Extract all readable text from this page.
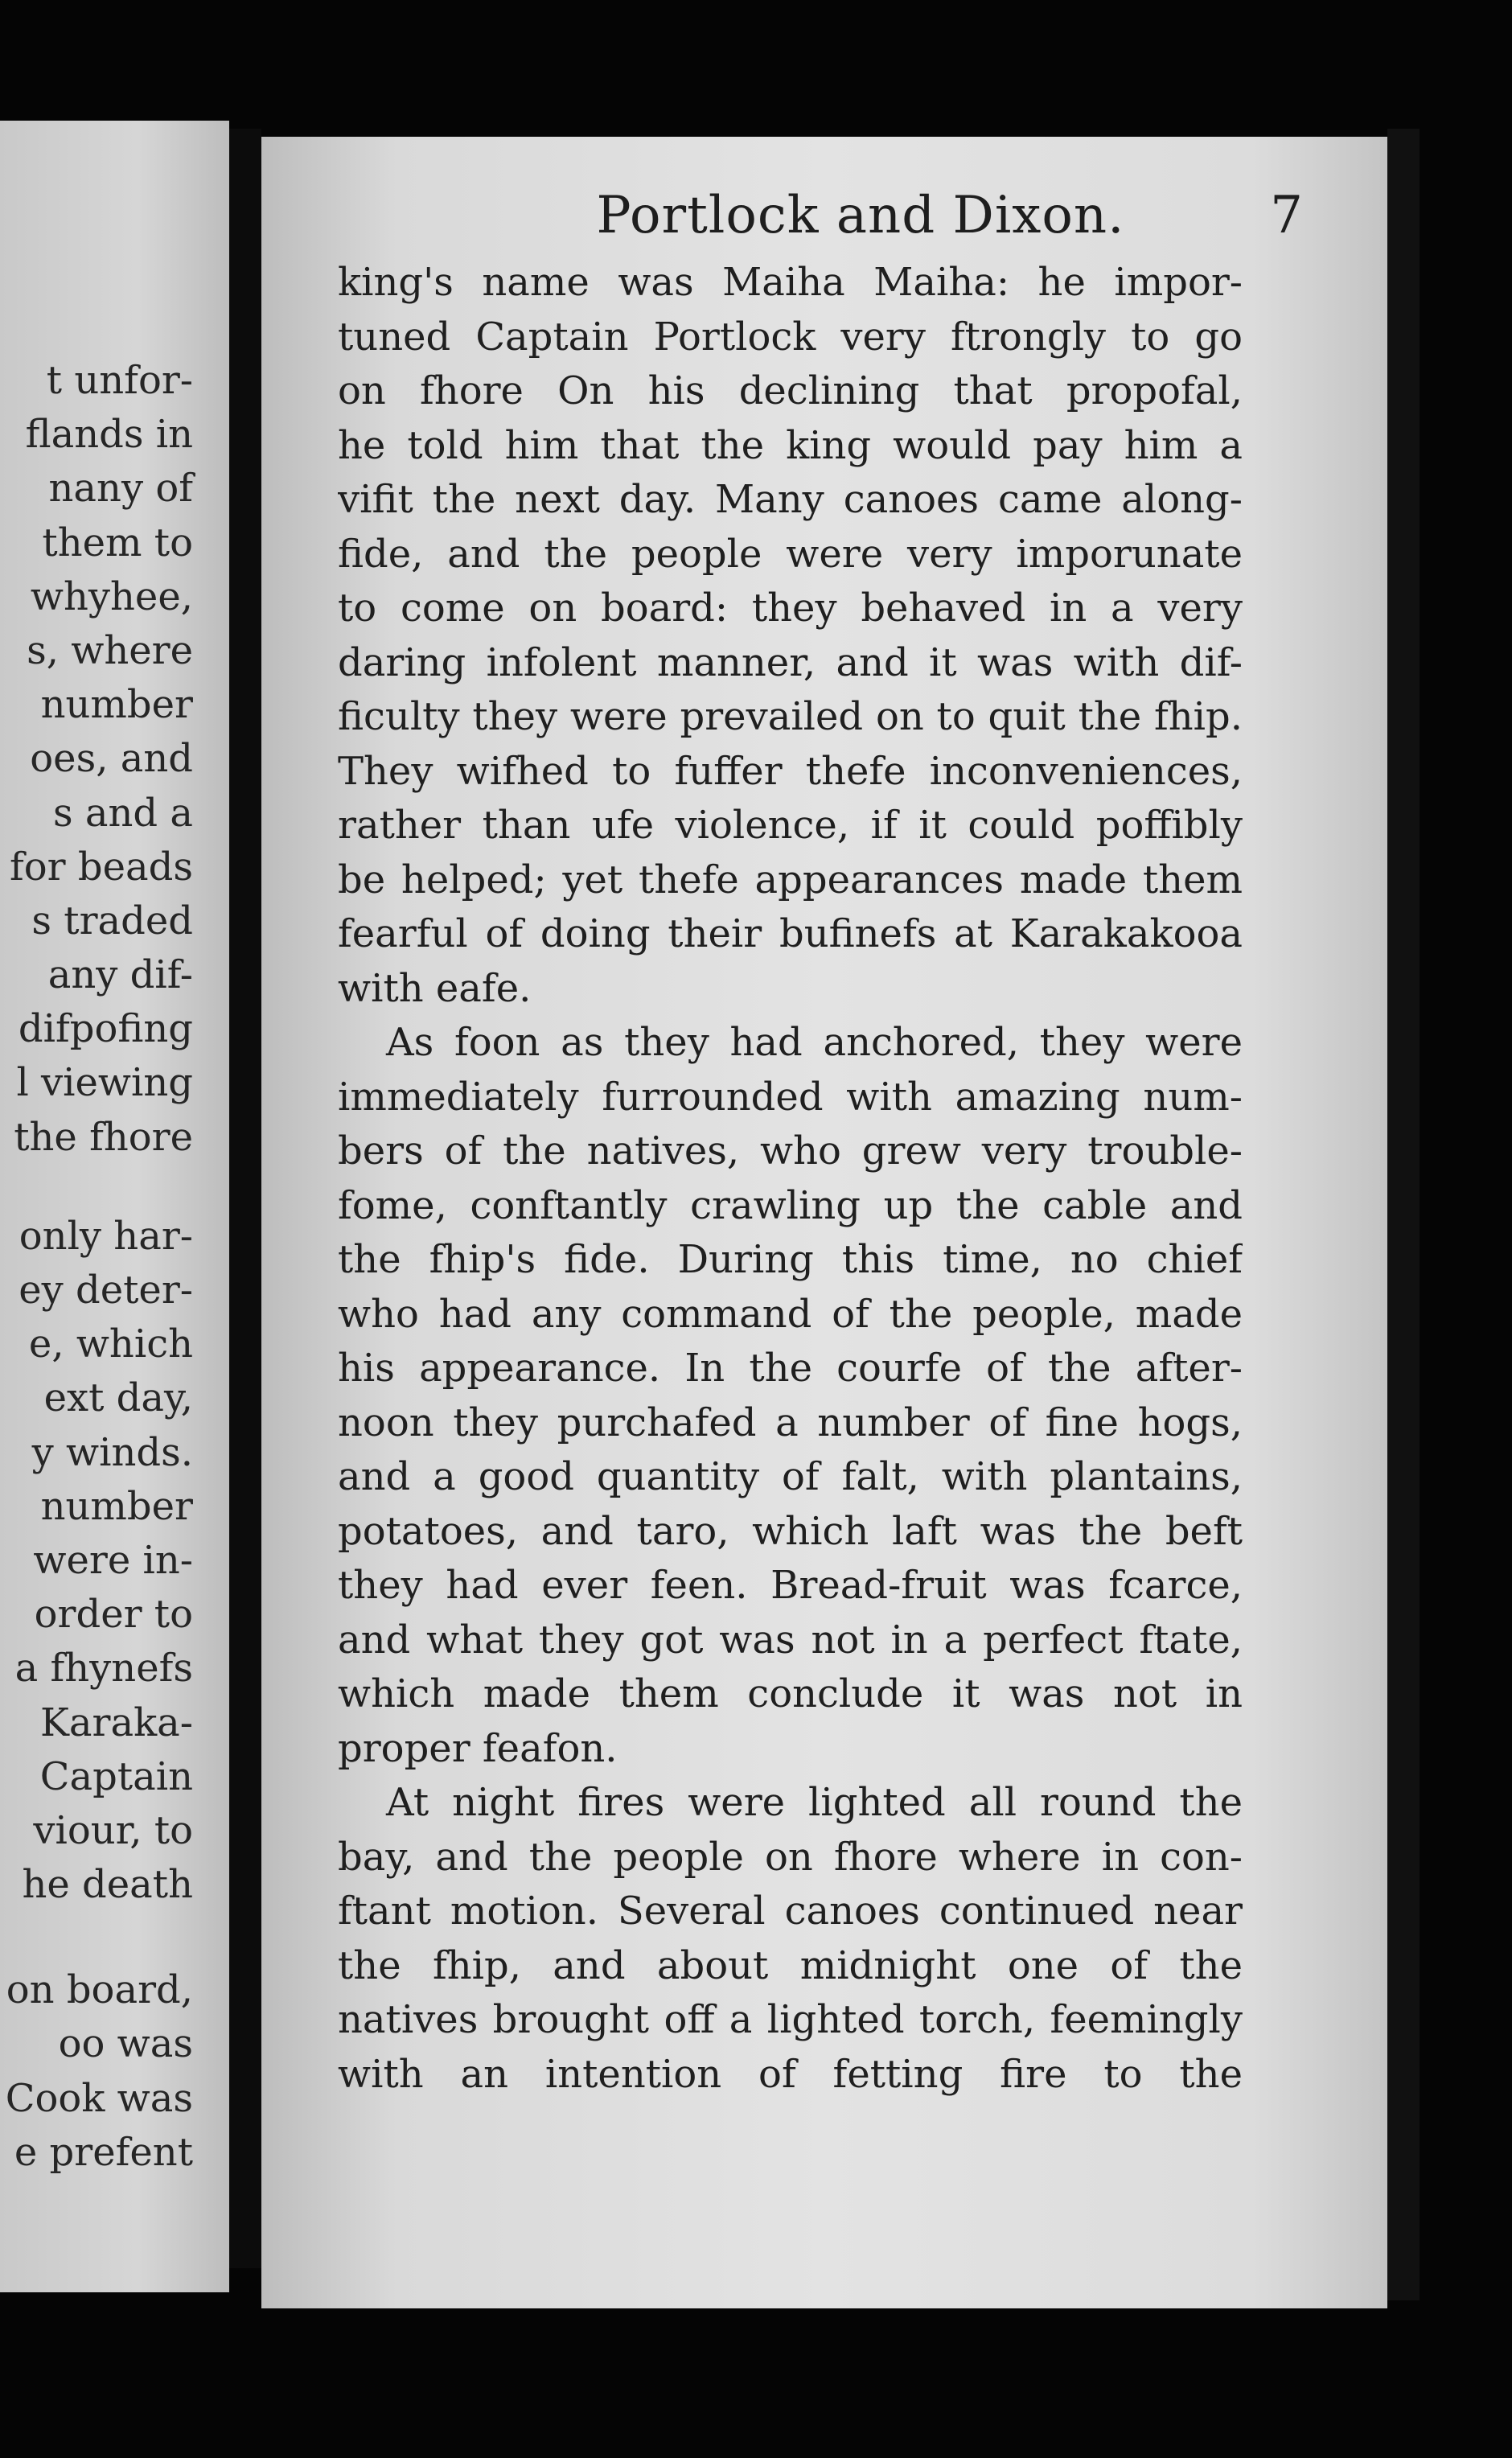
t unfor-
flands in
nany of
them to
whyhee,
s, where
number
oes, and
s and a
for beads
s traded
any dif-
difpofing
l viewing
the fhore
only har-
ey deter-
e, which
ext day,
y winds.
number
were in-
order to
a fhynefs
Karaka-
Captain
viour, to
he death
on board,
oo was
Cook was
e prefent
Portlock and Dixon.	7
king's name was Maiha Maiha: he impor-
tuned Captain Portlock very ftrongly to go
on fhore On his declining that propofal,
he told him that the king would pay him a
vifit the next day. Many canoes came along-
fide, and the people were very imporunate
to come on board: they behaved in a very
daring infolent manner, and it was with dif-
ficulty they were prevailed on to quit the fhip.
They wifhed to fuffer thefe inconveniences,
rather than ufe violence, if it could poffibly
be helped; yet thefe appearances made them
fearful of doing their bufinefs at Karakakooa
with eafe.
As foon as they had anchored, they were
immediately furrounded with amazing num-
bers of the natives, who grew very trouble-
fome, conftantly crawling up the cable and
the fhip's fide. During this time, no chief
who had any command of the people, made
his appearance. In the courfe of the after-
noon they purchafed a number of fine hogs,
and a good quantity of falt, with plantains,
potatoes, and taro, which laft was the beft
they had ever feen. Bread-fruit was fcarce,
and what they got was not in a perfect ftate,
which made them conclude it was not in
proper feafon.
At night fires were lighted all round the
bay, and the people on fhore where in con-
ftant motion. Several canoes continued near
the fhip, and about midnight one of the
natives brought off a lighted torch, feemingly
with an intention of fetting fire to the
